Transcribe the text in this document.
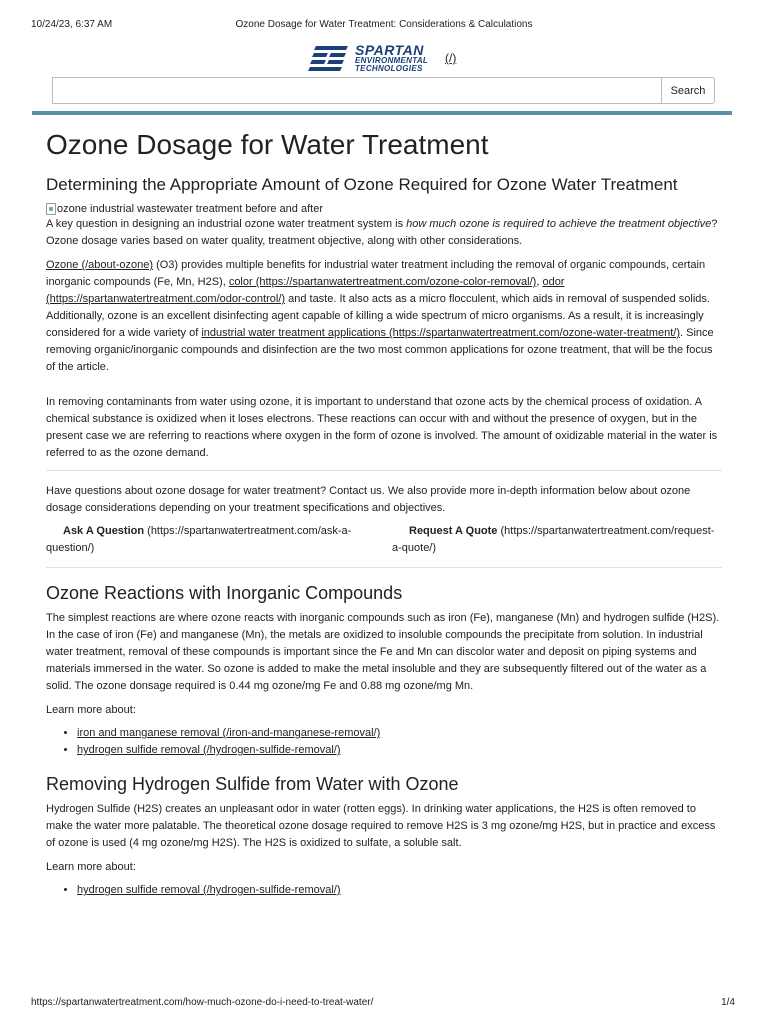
10/24/23, 6:37 AM	Ozone Dosage for Water Treatment: Considerations & Calculations
SPARTAN
ENVIRONMENTAL
TECHNOLOGIES
(/)
Search
Ozone Dosage for Water Treatment
Determining the Appropriate Amount of Ozone Required for Ozone Water Treatment
ozone industrial wastewater treatment before and after

A key question in designing an industrial ozone water treatment system is how much ozone is required to achieve the treatment objective? Ozone dosage varies based on water quality, treatment objective, along with other considerations.

Ozone (/about-ozone) (O3) provides multiple benefits for industrial water treatment including the removal of organic compounds, certain inorganic compounds (Fe, Mn, H2S), color (https://spartanwatertreatment.com/ozone-color-removal/), odor (https://spartanwatertreatment.com/odor-control/) and taste. It also acts as a micro flocculent, which aids in removal of suspended solids. Additionally, ozone is an excellent disinfecting agent capable of killing a wide spectrum of micro organisms. As a result, it is increasingly considered for a wide variety of industrial water treatment applications (https://spartanwatertreatment.com/ozone-water-treatment/). Since removing organic/inorganic compounds and disinfection are the two most common applications for ozone treatment, that will be the focus of the article.

In removing contaminants from water using ozone, it is important to understand that ozone acts by the chemical process of oxidation. A chemical substance is oxidized when it loses electrons. These reactions can occur with and without the presence of oxygen, but in the present case we are referring to reactions where oxygen in the form of ozone is involved. The amount of oxidizable material in the water is referred to as the ozone demand.

Have questions about ozone dosage for water treatment? Contact us. We also provide more in-depth information below about ozone dosage considerations depending on your treatment specifications and objectives.

Ask A Question (https://spartanwatertreatment.com/ask-a-question/)
Request A Quote (https://spartanwatertreatment.com/request-a-quote/)
Ozone Reactions with Inorganic Compounds

The simplest reactions are where ozone reacts with inorganic compounds such as iron (Fe), manganese (Mn) and hydrogen sulfide (H2S). In the case of iron (Fe) and manganese (Mn), the metals are oxidized to insoluble compounds the precipitate from solution. In industrial water treatment, removal of these compounds is important since the Fe and Mn can discolor water and deposit on piping systems and materials immersed in the water. So ozone is added to make the metal insoluble and they are subsequently filtered out of the water as a solid. The ozone donsage required is 0.44 mg ozone/mg Fe and 0.88 mg ozone/mg Mn.

Learn more about:

• iron and manganese removal (/iron-and-manganese-removal/)
• hydrogen sulfide removal (/hydrogen-sulfide-removal/)
Removing Hydrogen Sulfide from Water with Ozone

Hydrogen Sulfide (H2S) creates an unpleasant odor in water (rotten eggs). In drinking water applications, the H2S is often removed to make the water more palatable. The theoretical ozone dosage required to remove H2S is 3 mg ozone/mg H2S, but in practice and excess of ozone is used (4 mg ozone/mg H2S). The H2S is oxidized to sulfate, a soluble salt.

Learn more about:

• hydrogen sulfide removal (/hydrogen-sulfide-removal/)
https://spartanwatertreatment.com/how-much-ozone-do-i-need-to-treat-water/	1/4
